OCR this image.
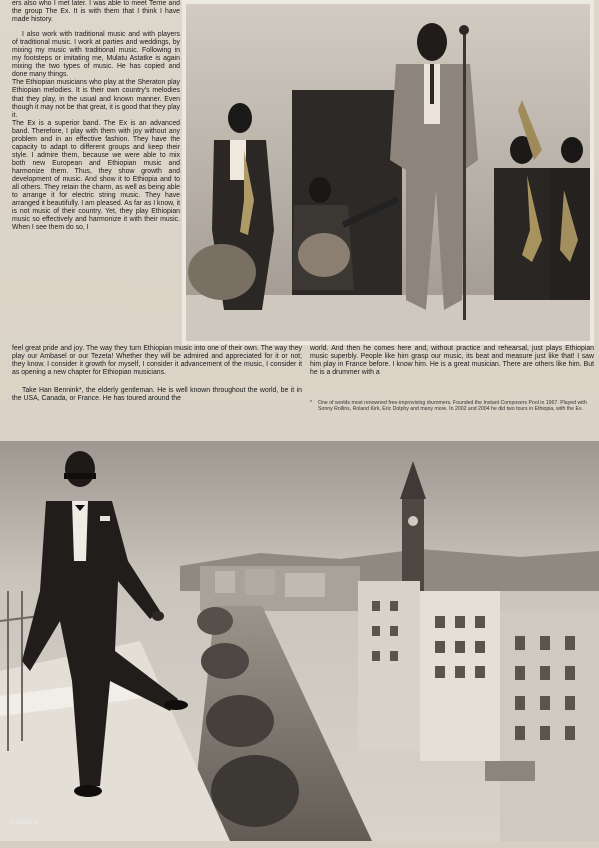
ers also who I met later. I was able to meet Terrie and the group The Ex. It is with them that I think I have made history.

I also work with traditional music and with players of traditional music. I work at parties and weddings, by mixing my music with traditional music. Following in my footsteps or imitating me, Mulatu Astatke is again mixing the two types of music. He has copied and done many things.

The Ethiopian musicians who play at the Sheraton play Ethiopian melodies. It is their own country's melodies that they play, in the usual and known manner. Even though it may not be that great, it is good that they play it.

The Ex is a superior band. The Ex is an advanced band. Therefore, I play with them with joy without any problem and in an effective fashion. They have the capacity to adapt to different groups and keep their style. I admire them, because we were able to mix both new European and Ethiopian music and harmonize them. Thus, they show growth and development of music. And show it to Ethiopia and to all others. They retain the charm, as well as being able to arrange it for electric string music. They have arranged it beautifully. I am pleased. As far as I know, it is not music of their country. Yet, they play Ethiopian music so effectively and harmonize it with their music. When I see them do so, I

feel great pride and joy. The way they turn Ethiopian music into one of their own. The way they play our Ambasel or our Tezeta! Whether they will be admired and appreciated for it or not; they know. I consider it growth for myself, I consider it advancement of the music, I consider it as opening a new chapter for Ethiopian musicians.

Take Han Bennink*, the elderly gentleman. He is well known throughout the world, be it in the USA, Canada, or France. He has toured around the

world. And then he comes here and, without practice and rehearsal, just plays Ethiopian music superbly. People like him grasp our music, its beat and measure just like that! I saw him play in France before. I know him. He is a great musician. There are others like him. But he is a drummer with a

* One of worlds most renowned free-improvising drummers. Founded the Instant Composers Pool in 1967. Played with Sonny Rollins, Roland Kirk, Eric Dolphy and many more. In 2002 and 2004 he did two tours in Ethiopia, with the Ex.
In Addis 1
